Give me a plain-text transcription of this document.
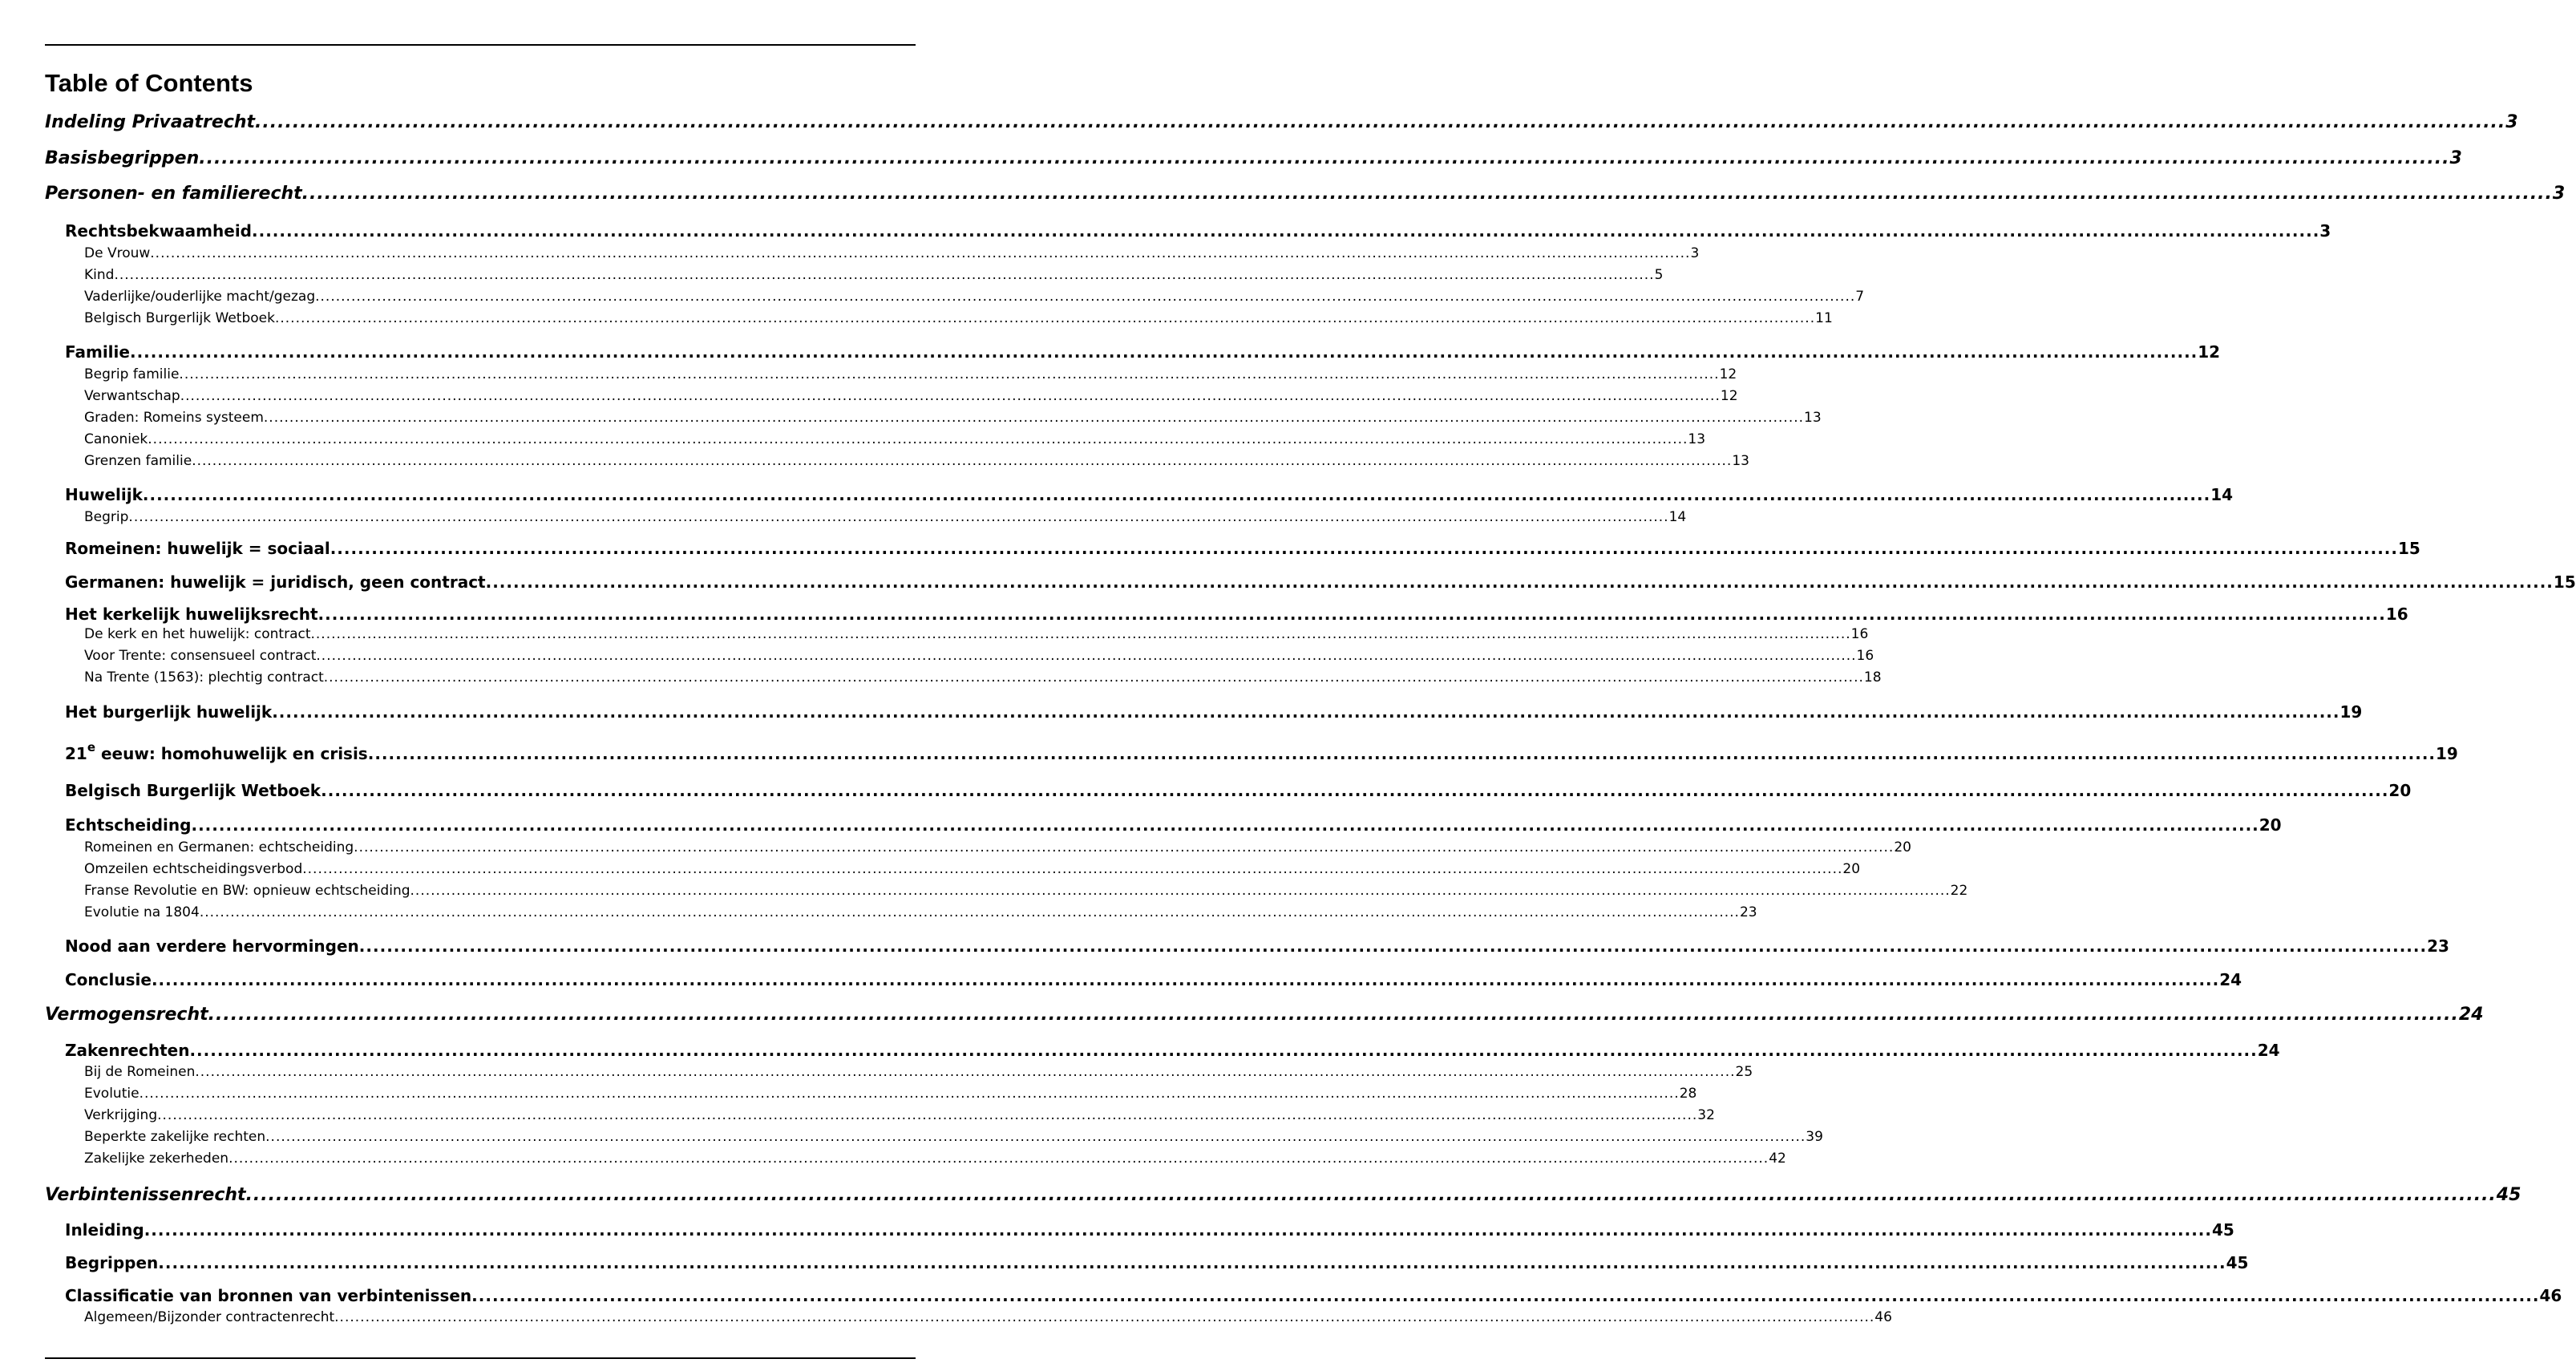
Table of Contents
Indeling Privaatrecht ............................................................................................................................................................................................................................................................................................................ 3
Basisbegrippen ............................................................................................................................................................................................................................................................................................................ 3
Personen- en familierecht ............................................................................................................................................................................................................................................................................................................ 3
Rechtsbekwaamheid ............................................................................................................................................................................................................................................................................................................ 3
De Vrouw ............................................................................................................................................................................................................................................................................................................ 3
Kind ............................................................................................................................................................................................................................................................................................................ 5
Vaderlijke/ouderlijke macht/gezag ............................................................................................................................................................................................................................................................................................................ 7
Belgisch Burgerlijk Wetboek ............................................................................................................................................................................................................................................................................................................ 11
Familie ............................................................................................................................................................................................................................................................................................................ 12
Begrip familie ............................................................................................................................................................................................................................................................................................................ 12
Verwantschap ............................................................................................................................................................................................................................................................................................................ 12
Graden: Romeins systeem ............................................................................................................................................................................................................................................................................................................ 13
Canoniek ............................................................................................................................................................................................................................................................................................................ 13
Grenzen familie ............................................................................................................................................................................................................................................................................................................ 13
Huwelijk ............................................................................................................................................................................................................................................................................................................ 14
Begrip ............................................................................................................................................................................................................................................................................................................ 14
Romeinen: huwelijk = sociaal ............................................................................................................................................................................................................................................................................................................ 15
Germanen: huwelijk = juridisch, geen contract ............................................................................................................................................................................................................................................................................................................ 15
Het kerkelijk huwelijksrecht ............................................................................................................................................................................................................................................................................................................ 16
De kerk en het huwelijk: contract ............................................................................................................................................................................................................................................................................................................ 16
Voor Trente: consensueel contract ............................................................................................................................................................................................................................................................................................................ 16
Na Trente (1563): plechtig contract ............................................................................................................................................................................................................................................................................................................ 18
Het burgerlijk huwelijk ............................................................................................................................................................................................................................................................................................................ 19
21e eeuw: homohuwelijk en crisis ............................................................................................................................................................................................................................................................................................................ 19
Belgisch Burgerlijk Wetboek ............................................................................................................................................................................................................................................................................................................ 20
Echtscheiding ............................................................................................................................................................................................................................................................................................................ 20
Romeinen en Germanen: echtscheiding ............................................................................................................................................................................................................................................................................................................ 20
Omzeilen echtscheidingsverbod ............................................................................................................................................................................................................................................................................................................ 20
Franse Revolutie en BW: opnieuw echtscheiding ............................................................................................................................................................................................................................................................................................................ 22
Evolutie na 1804 ............................................................................................................................................................................................................................................................................................................ 23
Nood aan verdere hervormingen ............................................................................................................................................................................................................................................................................................................ 23
Conclusie ............................................................................................................................................................................................................................................................................................................ 24
Vermogensrecht ............................................................................................................................................................................................................................................................................................................ 24
Zakenrechten ............................................................................................................................................................................................................................................................................................................ 24
Bij de Romeinen ............................................................................................................................................................................................................................................................................................................ 25
Evolutie ............................................................................................................................................................................................................................................................................................................ 28
Verkrijging ............................................................................................................................................................................................................................................................................................................ 32
Beperkte zakelijke rechten ............................................................................................................................................................................................................................................................................................................ 39
Zakelijke zekerheden ............................................................................................................................................................................................................................................................................................................ 42
Verbintenissenrecht ............................................................................................................................................................................................................................................................................................................ 45
Inleiding ............................................................................................................................................................................................................................................................................................................ 45
Begrippen ............................................................................................................................................................................................................................................................................................................ 45
Classificatie van bronnen van verbintenissen ............................................................................................................................................................................................................................................................................................................ 46
Algemeen/Bijzonder contractenrecht ............................................................................................................................................................................................................................................................................................................ 46
